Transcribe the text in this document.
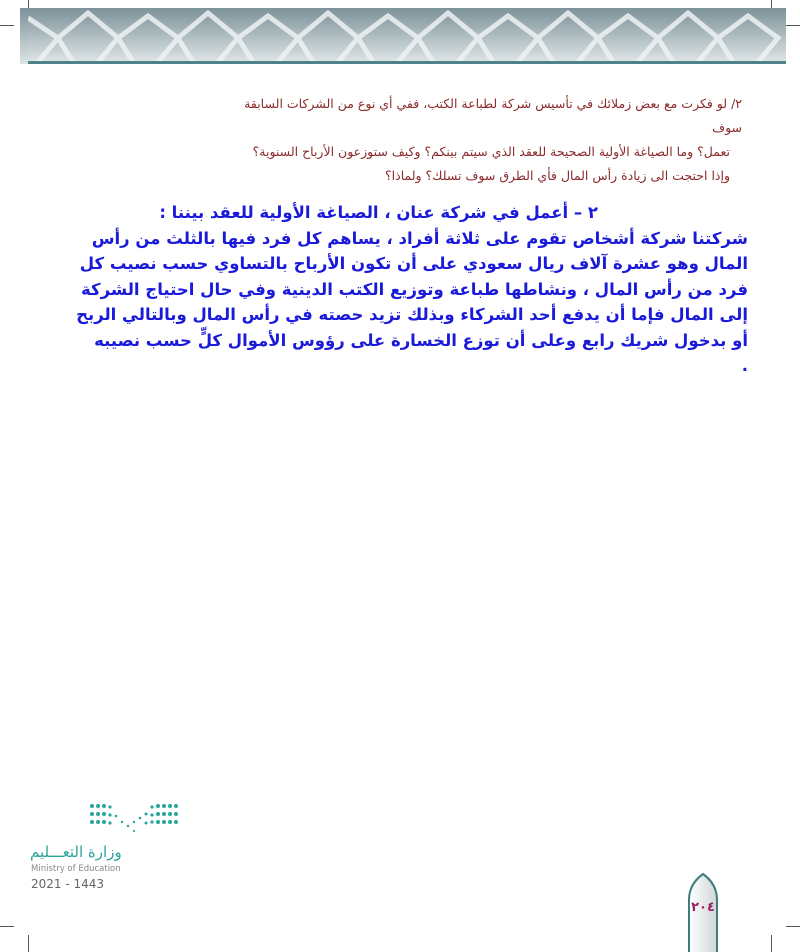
٢/ لو فكرت مع بعض زملائك في تأسيس شركة لطباعة الكتب، ففي أي نوع من الشركات السابقة سوف
تعمل؟ وما الصياغة الأولية الصحيحة للعقد الذي سيتم بينكم؟ وكيف ستوزعون الأرباح السنوية؟
وإذا احتجت الى زيادة رأس المال فأي الطرق سوف تسلك؟ ولماذا؟
٢ – أعمل في شركة عنان ، الصياغة الأولية للعقد بيننا :
شركتنا شركة أشخاص تقوم على ثلاثة أفراد ، يساهم كل فرد فيها بالثلث من رأس
المال وهو عشرة آلاف ريال سعودي على أن تكون الأرباح بالتساوي حسب نصيب كل
فرد من رأس المال ، ونشاطها طباعة وتوزيع الكتب الدينية وفي حال احتياج الشركة
إلى المال فإما أن يدفع أحد الشركاء وبذلك تزيد حصته في رأس المال وبالتالي الربح
أو بدخول شريك رابع وعلى أن توزع الخسارة على رؤوس الأموال كلٍّ حسب نصيبه
.
وزارة التعـــليم
Ministry of Education
2021 - 1443
٢٠٤
